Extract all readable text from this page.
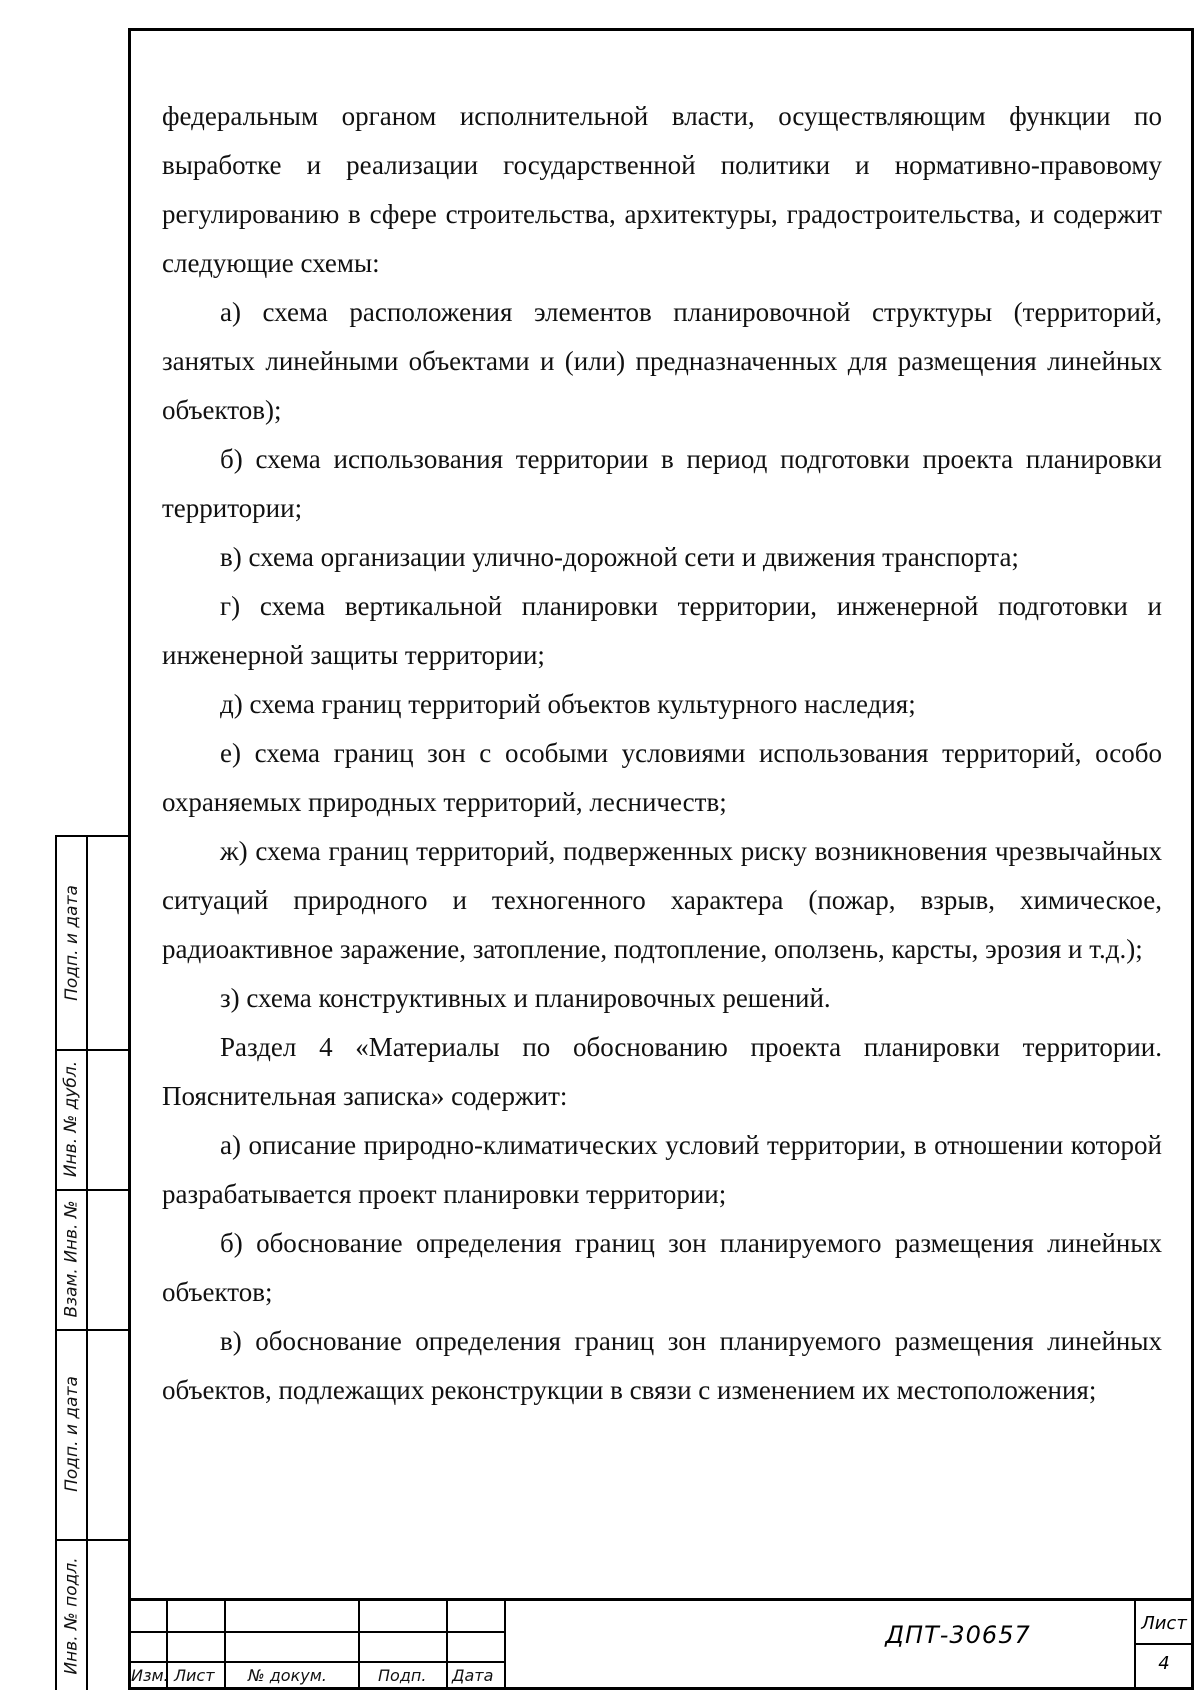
федеральным органом исполнительной власти, осуществляющим функции по выработке и реализации государственной политики и нормативно-правовому регулированию в сфере строительства, архитектуры, градостроительства, и содержит следующие схемы:

а) схема расположения элементов планировочной структуры (территорий, занятых линейными объектами и (или) предназначенных для размещения линейных объектов);

б) схема использования территории в период подготовки проекта планировки территории;

в) схема организации улично-дорожной сети и движения транспорта;

г) схема вертикальной планировки территории, инженерной подготовки и инженерной защиты территории;

д) схема границ территорий объектов культурного наследия;

е) схема границ зон с особыми условиями использования территорий, особо охраняемых природных территорий, лесничеств;

ж) схема границ территорий, подверженных риску возникновения чрезвычайных ситуаций природного и техногенного характера (пожар, взрыв, химическое, радиоактивное заражение, затопление, подтопление, оползень, карсты, эрозия и т.д.);

з) схема конструктивных и планировочных решений.

Раздел 4 «Материалы по обоснованию проекта планировки территории. Пояснительная записка» содержит:

а) описание природно-климатических условий территории, в отношении которой разрабатывается проект планировки территории;

б) обоснование определения границ зон планируемого размещения линейных объектов;

в) обоснование определения границ зон планируемого размещения линейных объектов, подлежащих реконструкции в связи с изменением их местоположения;

Подп. и дата
Инв. № дубл.
Взам. Инв. №
Подп. и дата
Инв. № подл.
Изм. Лист № докум.	Подп. Дата
ДПТ-30657	Лист
4
